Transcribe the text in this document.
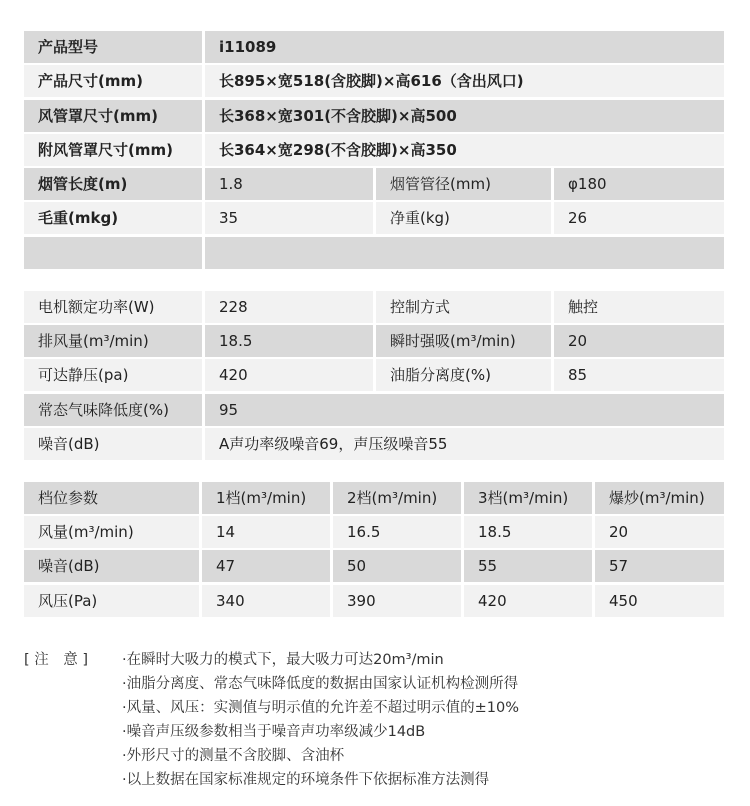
产品型号	i11089
产品尺寸(mm)	长895×宽518(含胶脚)×高616（含出风口)
风管罩尺寸(mm)	长368×宽301(不含胶脚)×高500
附风管罩尺寸(mm)	长364×宽298(不含胶脚)×高350
烟管长度(m)	1.8	烟管管径(mm)	φ180
毛重(mkg)	35	净重(kg)	26
电机额定功率(W)	228	控制方式	触控
排风量(m³/min)	18.5	瞬时强吸(m³/min)	20
可达静压(pa)	420	油脂分离度(%)	85
常态气味降低度(%)	95
噪音(dB)	A声功率级噪音69，声压级噪音55
档位参数	1档(m³/min)	2档(m³/min)	3档(m³/min)	爆炒(m³/min)
风量(m³/min)	14	16.5	18.5	20
噪音(dB)	47	50	55	57
风压(Pa)	340	390	420	450
[ 注　意 ]	·在瞬时大吸力的模式下，最大吸力可达20m³/min
·油脂分离度、常态气味降低度的数据由国家认证机构检测所得
·风量、风压：实测值与明示值的允许差不超过明示值的±10%
·噪音声压级参数相当于噪音声功率级减少14dB
·外形尺寸的测量不含胶脚、含油杯
·以上数据在国家标准规定的环境条件下依据标准方法测得
